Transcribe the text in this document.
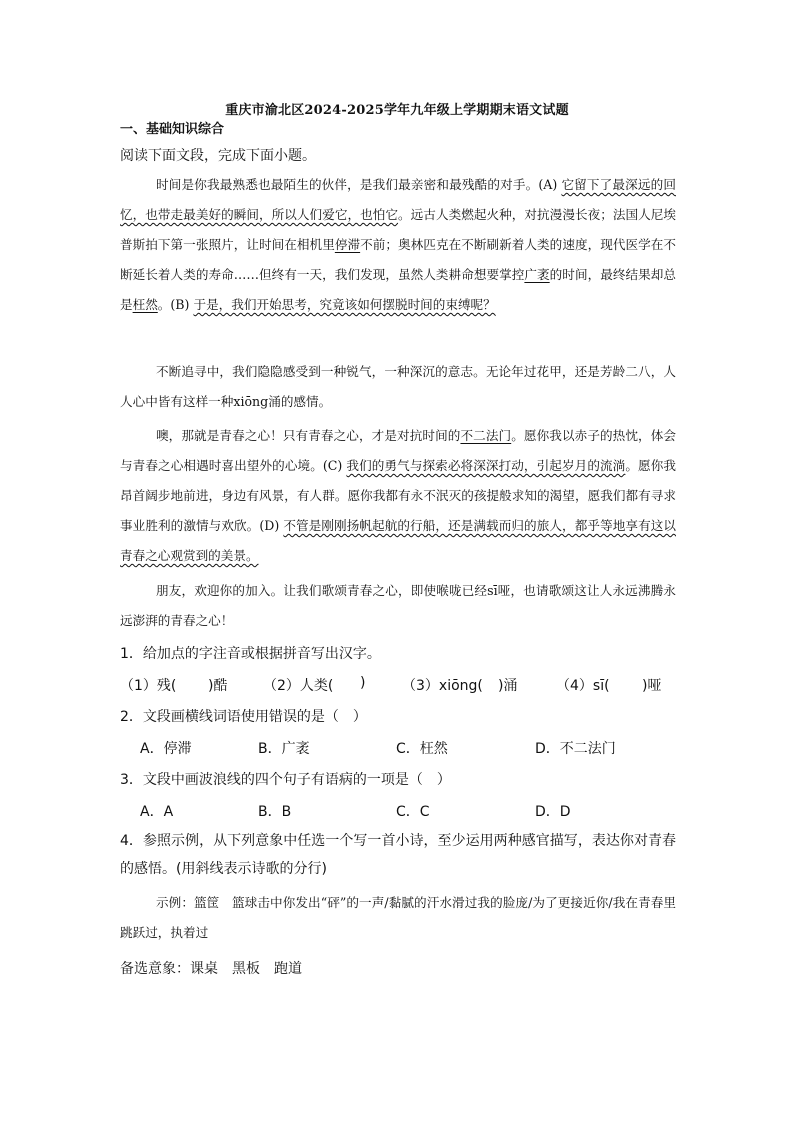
重庆市渝北区2024-2025学年九年级上学期期末语文试题
一、基础知识综合
阅读下面文段，完成下面小题。
时间是你我最熟悉也最陌生的伙伴，是我们最亲密和最残酷的对手。(A) 它留下了最深远的回忆，也带走最美好的瞬间，所以人们爱它，也怕它。远古人类燃起火种，对抗漫漫长夜；法国人尼埃普斯拍下第一张照片，让时间在相机里停滞不前；奥林匹克在不断刷新着人类的速度，现代医学在不断延长着人类的寿命……但终有一天，我们发现，虽然人类耕命想要掌控广袤的时间，最终结果却总是枉然。(B) 于是，我们开始思考，究竟该如何摆脱时间的束缚呢？
不断追寻中，我们隐隐感受到一种锐气，一种深沉的意志。无论年过花甲，还是芳龄二八，人人心中皆有这样一种xiōng涌的感情。
噢，那就是青春之心！只有青春之心，才是对抗时间的不二法门。愿你我以赤子的热忱，体会与青春之心相遇时喜出望外的心境。(C) 我们的勇气与探索必将深深打动，引起岁月的流淌。愿你我昂首阔步地前进，身边有风景，有人群。愿你我都有永不泯灭的孩提般求知的渴望，愿我们都有寻求事业胜利的激情与欢欣。(D) 不管是刚刚扬帆起航的行船，还是满载而归的旅人，都乎等地享有这以青春之心观赏到的美景。
朋友，欢迎你的加入。让我们歌颂青春之心，即使喉咙已经sī哑，也请歌颂这让人永远沸腾永远澎湃的青春之心！
1．给加点的字注音或根据拼音写出汉字。
（1）残( )酷	（2）人类( )	（3）xiōng( )涌	（4）sī( )哑
2．文段画横线词语使用错误的是（　）
A．停滞	B．广袤	C．枉然	D．不二法门
3．文段中画波浪线的四个句子有语病的一项是（　）
A．A	B．B	C．C	D．D
4．参照示例，从下列意象中任选一个写一首小诗，至少运用两种感官描写，表达你对青春的感悟。(用斜线表示诗歌的分行)
示例：篮筐　篮球击中你发出“砰”的一声/黏腻的汗水滑过我的脸庞/为了更接近你/我在青春里跳跃过，执着过
备选意象：课桌　黑板　跑道
